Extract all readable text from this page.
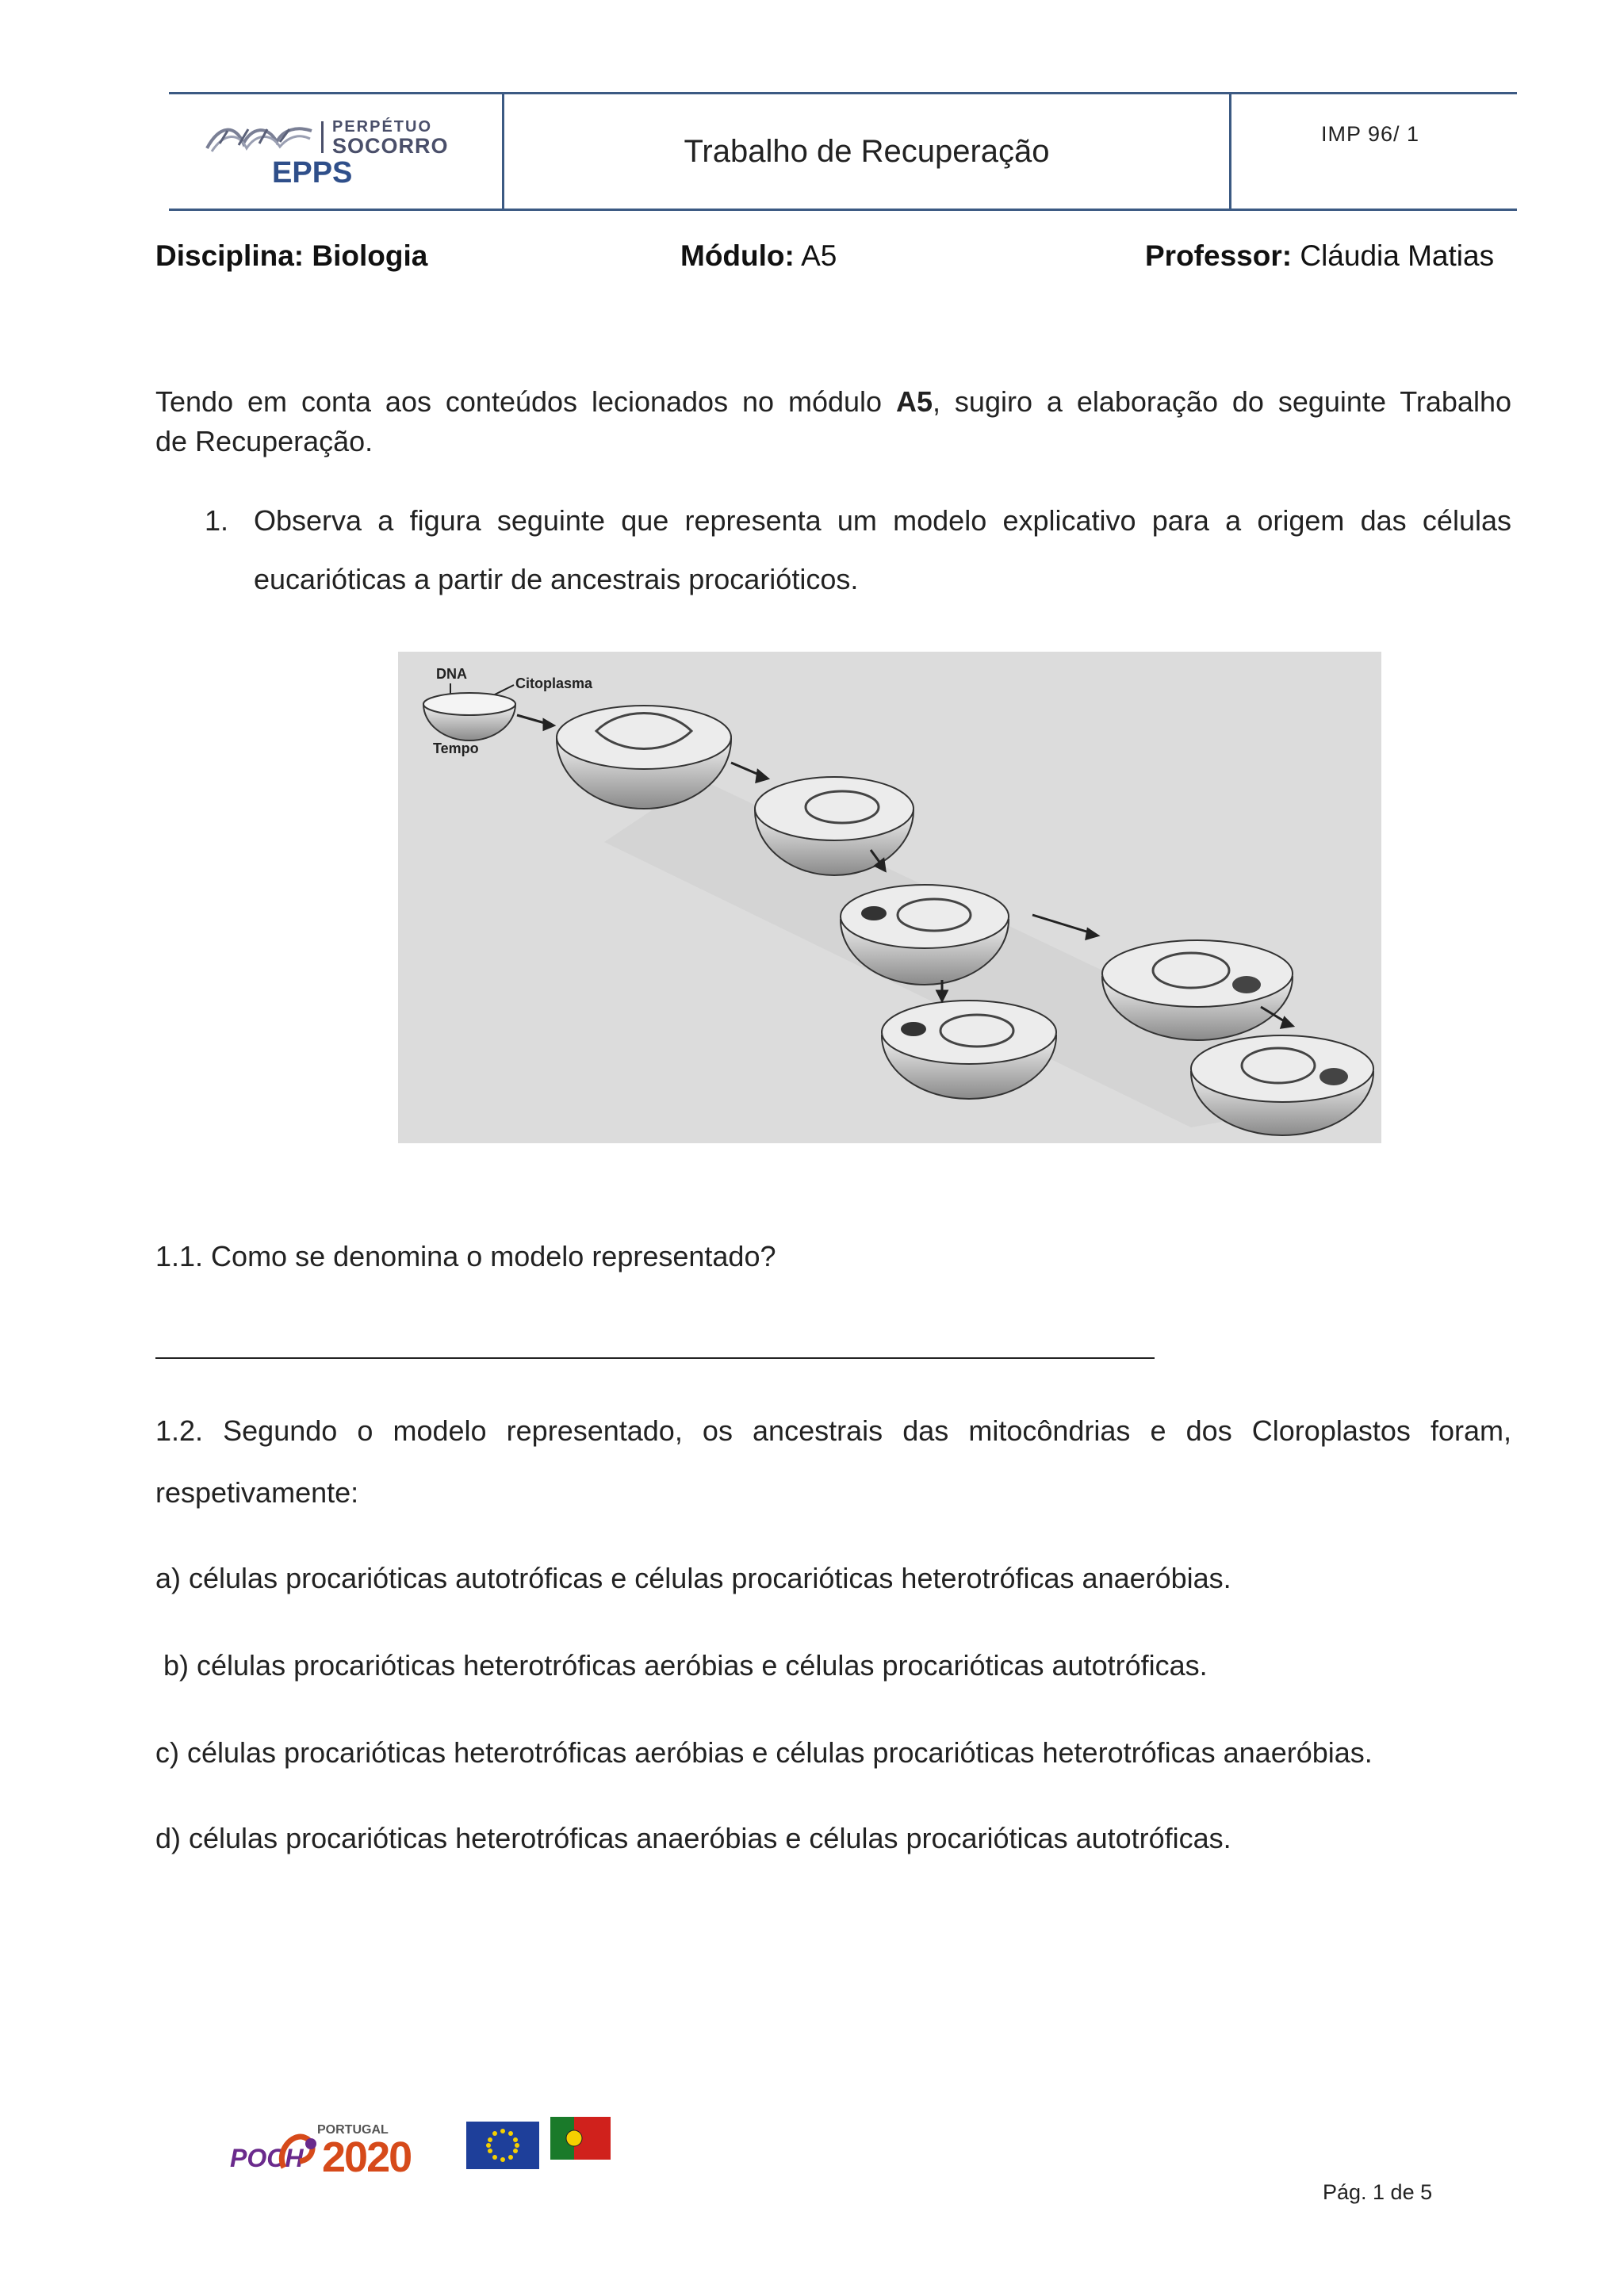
PERPÉTUO
SOCORRO
EPPS
Trabalho de Recuperação	IMP 96/ 1
Disciplina: Biologia	Módulo: A5	Professor: Cláudia Matias
Tendo em conta aos conteúdos lecionados no módulo A5, sugiro a elaboração do seguinte Trabalho
de Recuperação.
1. Observa a figura seguinte que representa um modelo explicativo para a origem das células
eucarióticas a partir de ancestrais procarióticos.
DNA
Citoplasma
Tempo
1.1. Como se denomina o modelo representado?
1.2. Segundo o modelo representado, os ancestrais das mitocôndrias e dos Cloroplastos foram,
respetivamente:
a) células procarióticas autotróficas e células procarióticas heterotróficas anaeróbias.
b) células procarióticas heterotróficas aeróbias e células procarióticas autotróficas.
c) células procarióticas heterotróficas aeróbias e células procarióticas heterotróficas anaeróbias.
d) células procarióticas heterotróficas anaeróbias e células procarióticas autotróficas.
POCH
PORTUGAL
2020
Pág. 1 de 5
